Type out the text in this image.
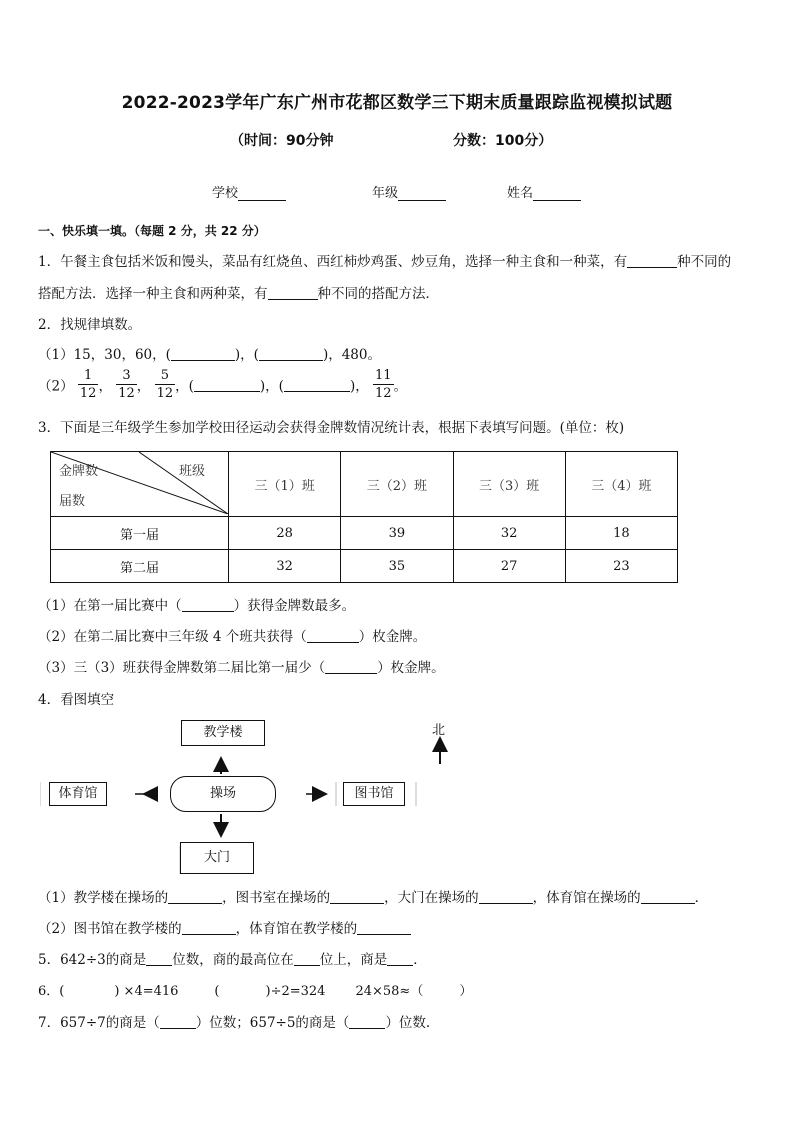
2022-2023学年广东广州市花都区数学三下期末质量跟踪监视模拟试题
（时间：90分钟	分数：100分）
学校	年级	姓名
一、快乐填一填。（每题 2 分，共 22 分）
1．午餐主食包括米饭和馒头，菜品有红烧鱼、西红柿炒鸡蛋、炒豆角，选择一种主食和一种菜，有	种不同的
搭配方法．选择一种主食和两种菜，有	种不同的搭配方法．
2．找规律填数。
（1）15，30，60，(	)，(	)，480。
$(2) \frac{1}{12}$ ， $\frac{3}{12}$ ， $\frac{5}{12}$ ，(	)，(	)， $\frac{11}{12}$ 。
3．下面是三年级学生参加学校田径运动会获得金牌数情况统计表，根据下表填写问题。(单位：枚)
金牌数 班级
届数	三（1）班	三（2）班	三（3）班	三（4）班
第一届	28	39	32	18
第二届	32	35	27	23
（1）在第一届比赛中（	）获得金牌数最多。
（2）在第二届比赛中三年级 4 个班共获得（	）枚金牌。
（3）三（3）班获得金牌数第二届比第一届少（	）枚金牌。
4．看图填空
教学楼
操场
体育馆	图书馆
大门
北
（1）教学楼在操场的	，图书室在操场的	，大门在操场的	，体育馆在操场的	．
（2）图书馆在教学楼的	，体育馆在教学楼的
5．642÷3的商是 位数，商的最高位在 位上，商是 ．
6．(	) ×4=416	(	)÷2=324 24×58≈（	）
7．657÷7的商是（	）位数；657÷5的商是（	）位数.
